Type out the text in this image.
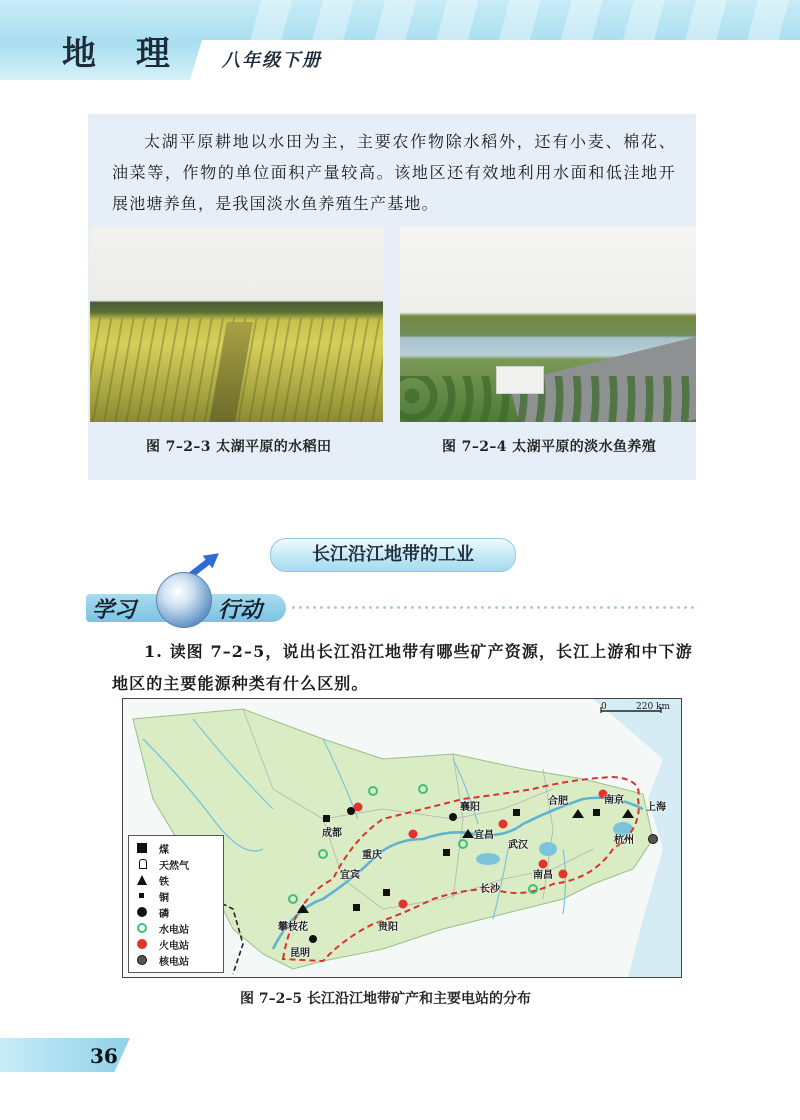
地 理 八年级下册
太湖平原耕地以水田为主，主要农作物除水稻外，还有小麦、棉花、油菜等，作物的单位面积产量较高。该地区还有效地利用水面和低洼地开展池塘养鱼，是我国淡水鱼养殖生产基地。
图 7–2–3 太湖平原的水稻田	图 7–2–4 太湖平原的淡水鱼养殖
长江沿江地带的工业
学习	行动
1. 读图 7–2–5，说出长江沿江地带有哪些矿产资源，长江上游和中下游地区的主要能源种类有什么区别。
0	220 km
上海
南京
合肥
杭州
襄阳
宜昌
武汉
成都
重庆
宜宾
长沙
南昌
贵阳
攀枝花
昆明
煤
天然气
铁
铜
磷
水电站
火电站
核电站
图 7–2–5 长江沿江地带矿产和主要电站的分布
36
